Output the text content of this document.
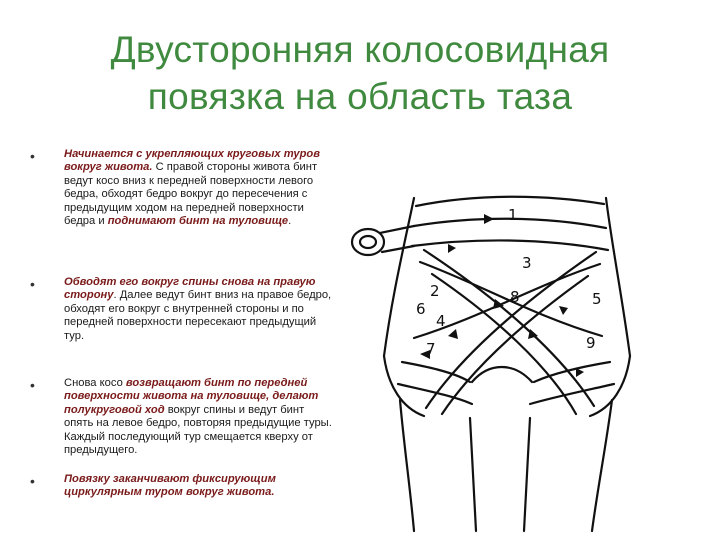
Двусторонняя колосовидная
повязка на область таза
•	Начинается с укрепляющих круговых туров вокруг живота. С правой стороны живота бинт ведут косо вниз к передней поверхности левого бедра, обходят бедро вокруг до пересечения с предыдущим ходом на передней поверхности бедра и поднимают бинт на туловище.
•	Обводят его вокруг спины снова на правую сторону. Далее ведут бинт вниз на правое бедро, обходят его вокруг с внутренней стороны и по передней поверхности пересекают предыдущий тур.
•	Снова косо возвращают бинт по передней поверхности живота на туловище, делают полукруговой ход вокруг спины и ведут бинт опять на левое бедро, повторяя предыдущие туры. Каждый последующий тур смещается кверху от предыдущего.
•	Повязку заканчивают фиксирующим циркулярным туром вокруг живота.
1
2
3
4
5
6
7
8
9
